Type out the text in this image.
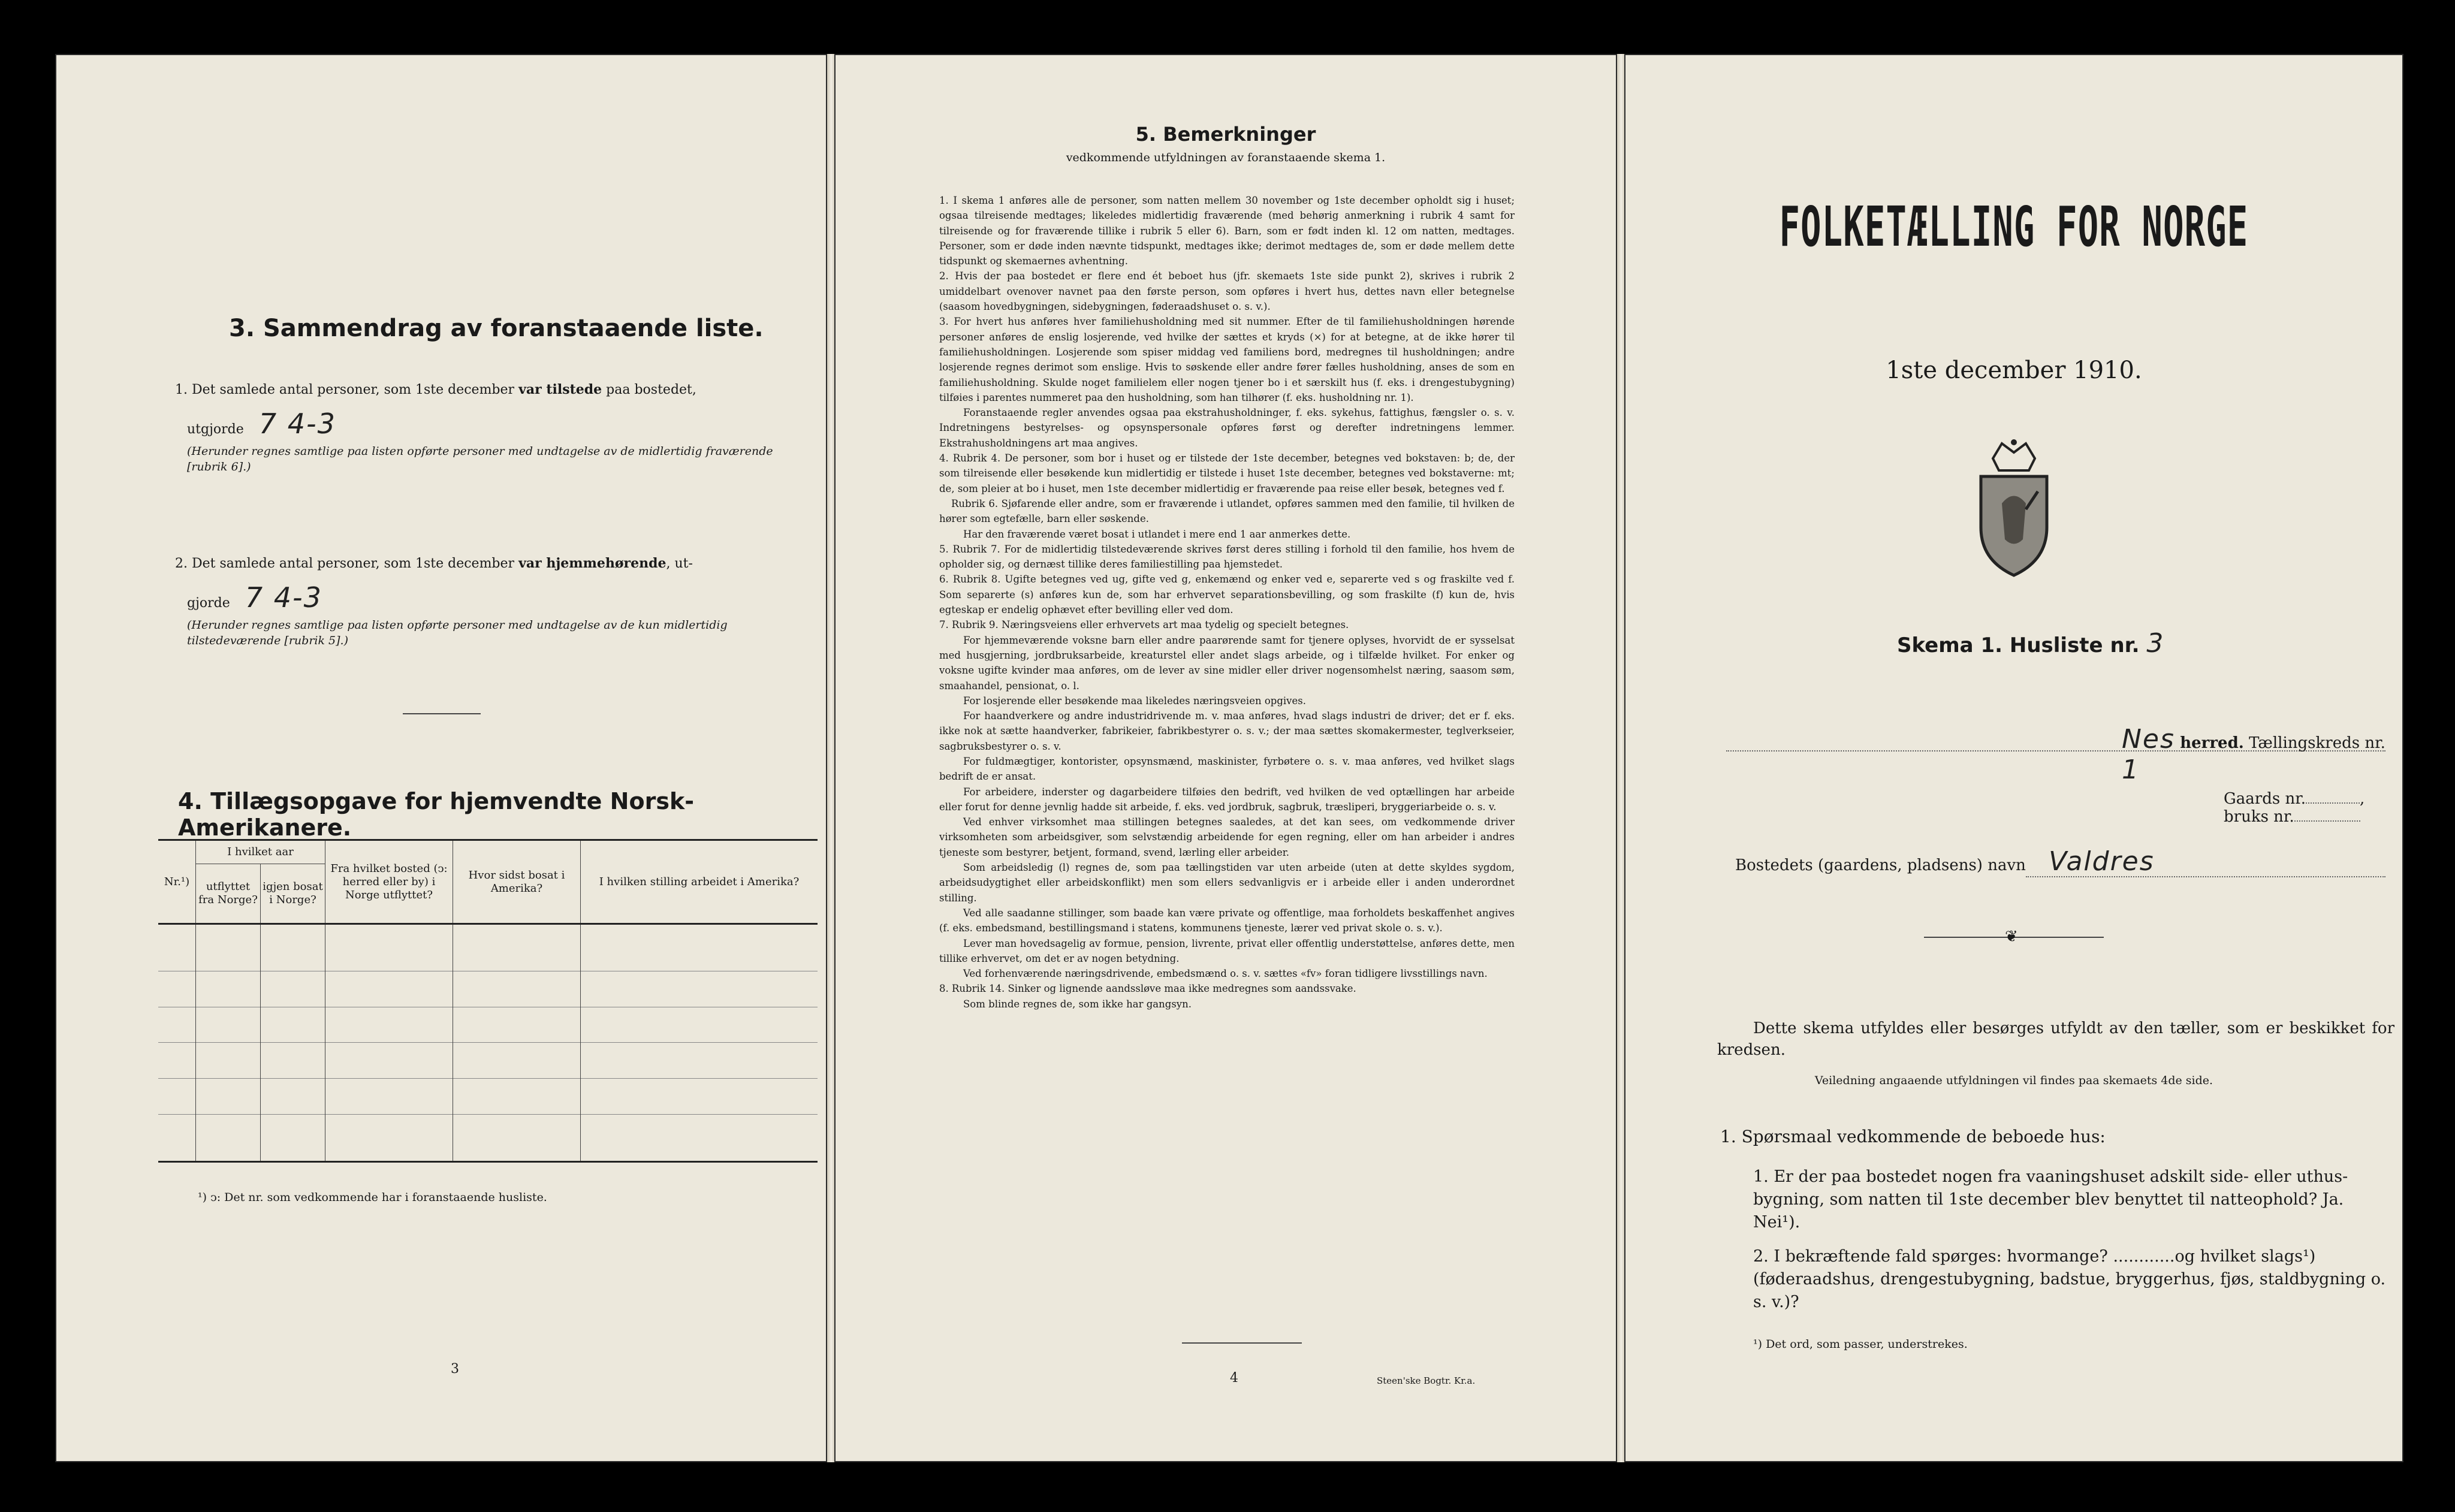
3. Sammendrag av foranstaaende liste.
1. Det samlede antal personer, som 1ste december var tilstede paa bostedet,
utgjorde 7 4-3
(Herunder regnes samtlige paa listen opførte personer med undtagelse av de midlertidig fraværende [rubrik 6].)
2. Det samlede antal personer, som 1ste december var hjemmehørende, ut-
gjorde 7 4-3
(Herunder regnes samtlige paa listen opførte personer med undtagelse av de kun midlertidig tilstedeværende [rubrik 5].)
4. Tillægsopgave for hjemvendte Norsk-Amerikanere.
Nr.¹)	I hvilket aar		Fra hvilket bosted (ↄ: herred eller by) i Norge utflyttet?	Hvor sidst bosat i Amerika?	I hvilken stilling arbeidet i Amerika?
	utflyttet fra Norge?	igjen bosat i Norge?			

¹) ↄ: Det nr. som vedkommende har i foranstaaende husliste.
3
5. Bemerkninger
vedkommende utfyldningen av foranstaaende skema 1.
1. I skema 1 anføres alle de personer, som natten mellem 30 november og 1ste december opholdt sig i huset; ogsaa tilreisende medtages; likeledes midlertidig fraværende (med behørig anmerkning i rubrik 4 samt for tilreisende og for fraværende tillike i rubrik 5 eller 6). Barn, som er født inden kl. 12 om natten, medtages. Personer, som er døde inden nævnte tidspunkt, medtages ikke; derimot medtages de, som er døde mellem dette tidspunkt og skemaernes avhentning.
2. Hvis der paa bostedet er flere end ét beboet hus (jfr. skemaets 1ste side punkt 2), skrives i rubrik 2 umiddelbart ovenover navnet paa den første person, som opføres i hvert hus, dettes navn eller betegnelse (saasom hovedbygningen, sidebygningen, føderaadshuset o. s. v.).
3. For hvert hus anføres hver familiehusholdning med sit nummer. Efter de til familiehusholdningen hørende personer anføres de enslig losjerende, ved hvilke der sættes et kryds (×) for at betegne, at de ikke hører til familiehusholdningen. Losjerende som spiser middag ved familiens bord, medregnes til husholdningen; andre losjerende regnes derimot som enslige. Hvis to søskende eller andre fører fælles husholdning, anses de som en familiehusholdning. Skulde noget familielem eller nogen tjener bo i et særskilt hus (f. eks. i drengestubygning) tilføies i parentes nummeret paa den husholdning, som han tilhører (f. eks. husholdning nr. 1).
Foranstaaende regler anvendes ogsaa paa ekstrahusholdninger, f. eks. sykehus, fattighus, fængsler o. s. v. Indretningens bestyrelses- og opsynspersonale opføres først og derefter indretningens lemmer. Ekstrahusholdningens art maa angives.
4. Rubrik 4. De personer, som bor i huset og er tilstede der 1ste december, betegnes ved bokstaven: b; de, der som tilreisende eller besøkende kun midlertidig er tilstede i huset 1ste december, betegnes ved bokstaverne: mt; de, som pleier at bo i huset, men 1ste december midlertidig er fraværende paa reise eller besøk, betegnes ved f.
Rubrik 6. Sjøfarende eller andre, som er fraværende i utlandet, opføres sammen med den familie, til hvilken de hører som egtefælle, barn eller søskende.
Har den fraværende været bosat i utlandet i mere end 1 aar anmerkes dette.
5. Rubrik 7. For de midlertidig tilstedeværende skrives først deres stilling i forhold til den familie, hos hvem de opholder sig, og dernæst tillike deres familiestilling paa hjemstedet.
6. Rubrik 8. Ugifte betegnes ved ug, gifte ved g, enkemænd og enker ved e, separerte ved s og fraskilte ved f. Som separerte (s) anføres kun de, som har erhvervet separationsbevilling, og som fraskilte (f) kun de, hvis egteskap er endelig ophævet efter bevilling eller ved dom.
7. Rubrik 9. Næringsveiens eller erhvervets art maa tydelig og specielt betegnes.
For hjemmeværende voksne barn eller andre paarørende samt for tjenere oplyses, hvorvidt de er sysselsat med husgjerning, jordbruksarbeide, kreaturstel eller andet slags arbeide, og i tilfælde hvilket. For enker og voksne ugifte kvinder maa anføres, om de lever av sine midler eller driver nogensomhelst næring, saasom søm, smaahandel, pensionat, o. l.
For losjerende eller besøkende maa likeledes næringsveien opgives.
For haandverkere og andre industridrivende m. v. maa anføres, hvad slags industri de driver; det er f. eks. ikke nok at sætte haandverker, fabrikeier, fabrikbestyrer o. s. v.; der maa sættes skomakermester, teglverkseier, sagbruksbestyrer o. s. v.
For fuldmægtiger, kontorister, opsynsmænd, maskinister, fyrbøtere o. s. v. maa anføres, ved hvilket slags bedrift de er ansat.
For arbeidere, inderster og dagarbeidere tilføies den bedrift, ved hvilken de ved optællingen har arbeide eller forut for denne jevnlig hadde sit arbeide, f. eks. ved jordbruk, sagbruk, træsliperi, bryggeriarbeide o. s. v.
Ved enhver virksomhet maa stillingen betegnes saaledes, at det kan sees, om vedkommende driver virksomheten som arbeidsgiver, som selvstændig arbeidende for egen regning, eller om han arbeider i andres tjeneste som bestyrer, betjent, formand, svend, lærling eller arbeider.
Som arbeidsledig (l) regnes de, som paa tællingstiden var uten arbeide (uten at dette skyldes sygdom, arbeidsudygtighet eller arbeidskonflikt) men som ellers sedvanligvis er i arbeide eller i anden underordnet stilling.
Ved alle saadanne stillinger, som baade kan være private og offentlige, maa forholdets beskaffenhet angives (f. eks. embedsmand, bestillingsmand i statens, kommunens tjeneste, lærer ved privat skole o. s. v.).
Lever man hovedsagelig av formue, pension, livrente, privat eller offentlig understøttelse, anføres dette, men tillike erhvervet, om det er av nogen betydning.
Ved forhenværende næringsdrivende, embedsmænd o. s. v. sættes «fv» foran tidligere livsstillings navn.
8. Rubrik 14. Sinker og lignende aandssløve maa ikke medregnes som aandssvake.
Som blinde regnes de, som ikke har gangsyn.
4	Steen'ske Bogtr. Kr.a.
FOLKETÆLLING FOR NORGE
1ste december 1910.
Skema 1. Husliste nr. 3
Nes herred. Tællingskreds nr. 1
Gaards nr.	, bruks nr.
Bostedets (gaardens, pladsens) navn Valdres
❦
Dette skema utfyldes eller besørges utfyldt av den tæller, som er beskikket for kredsen.
Veiledning angaaende utfyldningen vil findes paa skemaets 4de side.
1. Spørsmaal vedkommende de beboede hus:
1. Er der paa bostedet nogen fra vaaningshuset adskilt side- eller uthus-bygning, som natten til 1ste december blev benyttet til natteophold? Ja. Nei¹).
2. I bekræftende fald spørges: hvormange? ............og hvilket slags¹) (føderaadshus, drengestubygning, badstue, bryggerhus, fjøs, staldbygning o. s. v.)?
¹) Det ord, som passer, understrekes.
